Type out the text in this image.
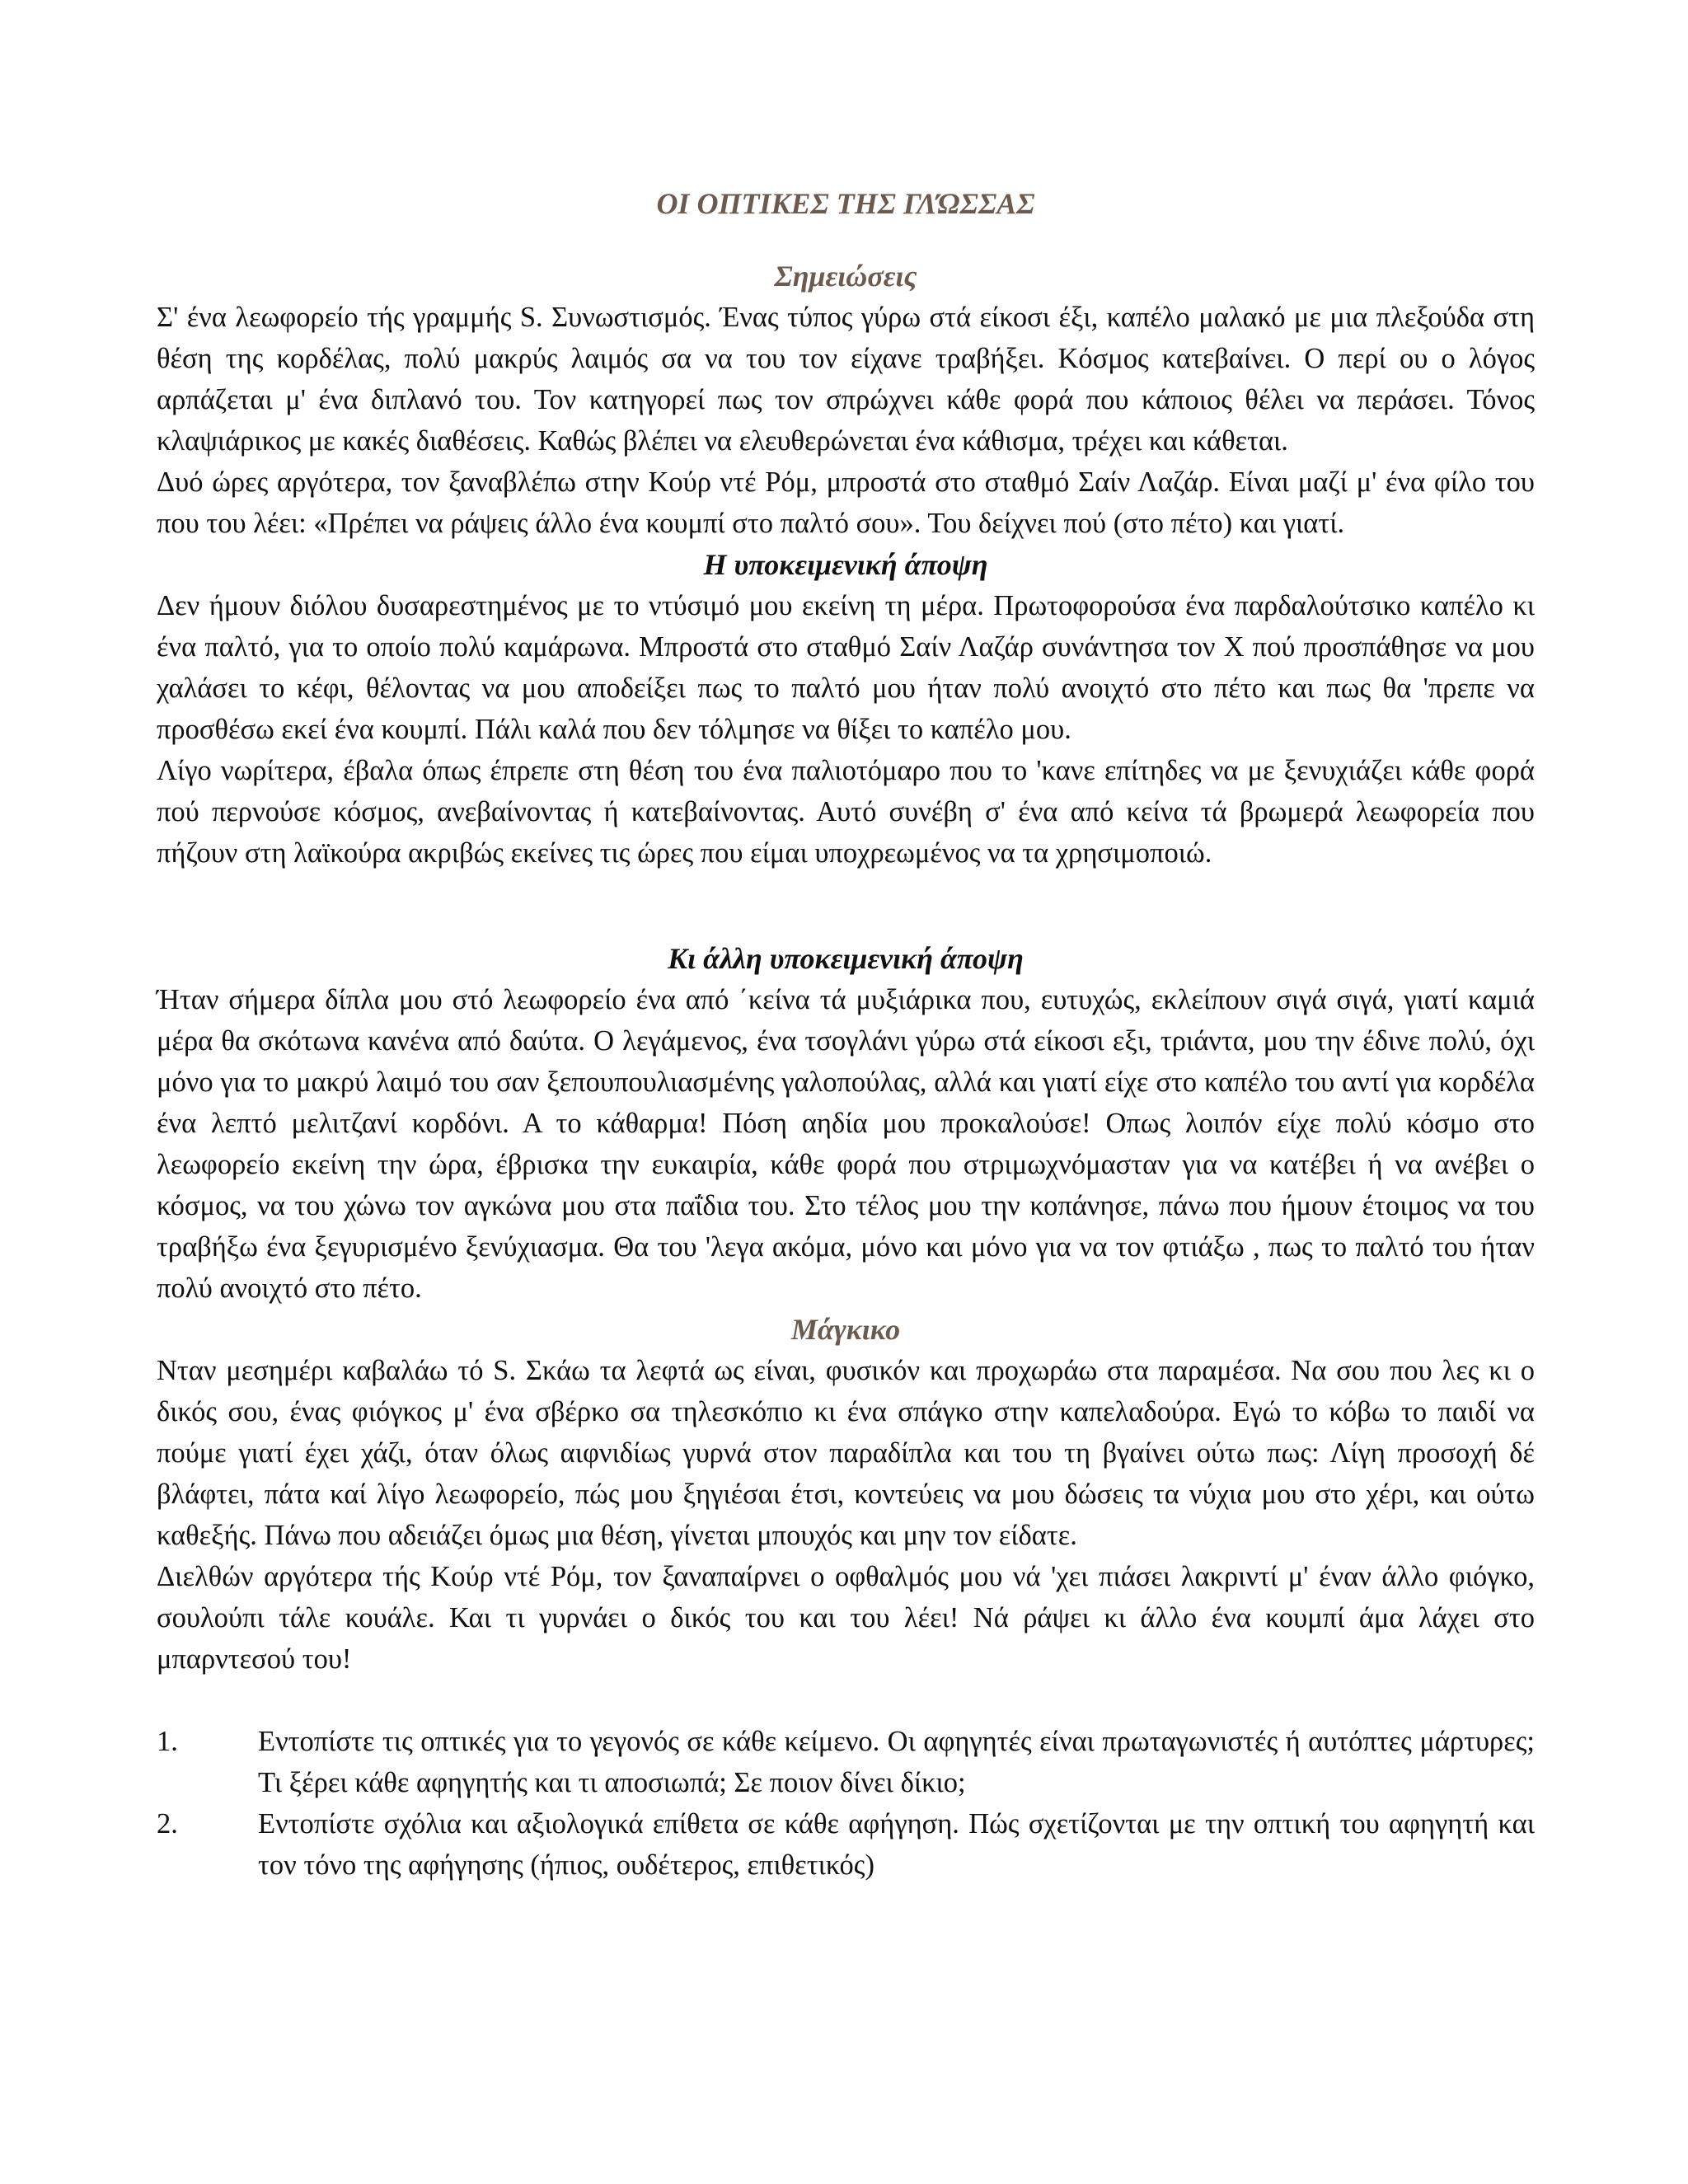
ΟΙ ΟΠΤΙΚΕΣ ΤΗΣ ΓΛΏΣΣΑΣ
Σημειώσεις

Σ' ένα λεωφορείο τής γραμμής S. Συνωστισμός. Ένας τύπος γύρω στά είκοσι έξι, καπέλο μαλακό με μια πλεξούδα στη θέση της κορδέλας, πολύ μακρύς λαιμός σα να του τον είχανε τραβήξει. Κόσμος κατεβαίνει. Ο περί ου ο λόγος αρπάζεται μ' ένα διπλανό του. Τον κατηγορεί πως τον σπρώχνει κάθε φορά που κάποιος θέλει να περάσει. Τόνος κλαψιάρικος με κακές διαθέσεις. Καθώς βλέπει να ελευθερώνεται ένα κάθισμα, τρέχει και κάθεται.

Δυό ώρες αργότερα, τον ξαναβλέπω στην Κούρ ντέ Ρόμ, μπροστά στο σταθμό Σαίν Λαζάρ. Είναι μαζί μ' ένα φίλο του που του λέει: «Πρέπει να ράψεις άλλο ένα κουμπί στο παλτό σου». Του δείχνει πού (στο πέτο) και γιατί.

Η υποκειμενική άποψη

Δεν ήμουν διόλου δυσαρεστημένος με το ντύσιμό μου εκείνη τη μέρα. Πρωτοφορούσα ένα παρδαλούτσικο καπέλο κι ένα παλτό, για το οποίο πολύ καμάρωνα. Μπροστά στο σταθμό Σαίν Λαζάρ συνάντησα τον Χ πού προσπάθησε να μου χαλάσει το κέφι, θέλοντας να μου αποδείξει πως το παλτό μου ήταν πολύ ανοιχτό στο πέτο και πως θα 'πρεπε να προσθέσω εκεί ένα κουμπί. Πάλι καλά που δεν τόλμησε να θίξει το καπέλο μου.

Λίγο νωρίτερα, έβαλα όπως έπρεπε στη θέση του ένα παλιοτόμαρο που το 'κανε επίτηδες να με ξενυχιάζει κάθε φορά πού περνούσε κόσμος, ανεβαίνοντας ή κατεβαίνοντας. Αυτό συνέβη σ' ένα από κείνα τά βρωμερά λεωφορεία που πήζουν στη λαϊκούρα ακριβώς εκείνες τις ώρες που είμαι υποχρεωμένος να τα χρησιμοποιώ.

Κι άλλη υποκειμενική άποψη

Ήταν σήμερα δίπλα μου στό λεωφορείο ένα από ΄κείνα τά μυξιάρικα που, ευτυχώς, εκλείπουν σιγά σιγά, γιατί καμιά μέρα θα σκότωνα κανένα από δαύτα. Ο λεγάμενος, ένα τσογλάνι γύρω στά είκοσι εξι, τριάντα, μου την έδινε πολύ, όχι μόνο για το μακρύ λαιμό του σαν ξεπουπουλιασμένης γαλοπούλας, αλλά και γιατί είχε στο καπέλο του αντί για κορδέλα ένα λεπτό μελιτζανί κορδόνι. Α το κάθαρμα! Πόση αηδία μου προκαλούσε! Οπως λοιπόν είχε πολύ κόσμο στο λεωφορείο εκείνη την ώρα, έβρισκα την ευκαιρία, κάθε φορά που στριμωχνόμασταν για να κατέβει ή να ανέβει ο κόσμος, να του χώνω τον αγκώνα μου στα παΐδια του. Στο τέλος μου την κοπάνησε, πάνω που ήμουν έτοιμος να του τραβήξω ένα ξεγυρισμένο ξενύχιασμα. Θα του 'λεγα ακόμα, μόνο και μόνο για να τον φτιάξω , πως το παλτό του ήταν πολύ ανοιχτό στο πέτο.

Μάγκικο

Νταν μεσημέρι καβαλάω τό S. Σκάω τα λεφτά ως είναι, φυσικόν και προχωράω στα παραμέσα. Να σου που λες κι ο δικός σου, ένας φιόγκος μ' ένα σβέρκο σα τηλεσκόπιο κι ένα σπάγκο στην καπελαδούρα. Εγώ το κόβω το παιδί να πούμε γιατί έχει χάζι, όταν όλως αιφνιδίως γυρνά στον παραδίπλα και του τη βγαίνει ούτω πως: Λίγη προσοχή δέ βλάφτει, πάτα καί λίγο λεωφορείο, πώς μου ξηγιέσαι έτσι, κοντεύεις να μου δώσεις τα νύχια μου στο χέρι, και ούτω καθεξής. Πάνω που αδειάζει όμως μια θέση, γίνεται μπουχός και μην τον είδατε.

Διελθών αργότερα τής Κούρ ντέ Ρόμ, τον ξαναπαίρνει ο οφθαλμός μου νά 'χει πιάσει λακριντί μ' έναν άλλο φιόγκο, σουλούπι τάλε κουάλε. Και τι γυρνάει ο δικός του και του λέει! Νά ράψει κι άλλο ένα κουμπί άμα λάχει στο μπαρντεσού του!

1.	Εντοπίστε τις οπτικές για το γεγονός σε κάθε κείμενο. Οι αφηγητές είναι πρωταγωνιστές ή αυτόπτες μάρτυρες; Τι ξέρει κάθε αφηγητής και τι αποσιωπά; Σε ποιον δίνει δίκιο;

2.	Εντοπίστε σχόλια και αξιολογικά επίθετα σε κάθε αφήγηση. Πώς σχετίζονται με την οπτική του αφηγητή και τον τόνο της αφήγησης (ήπιος, ουδέτερος, επιθετικός)
